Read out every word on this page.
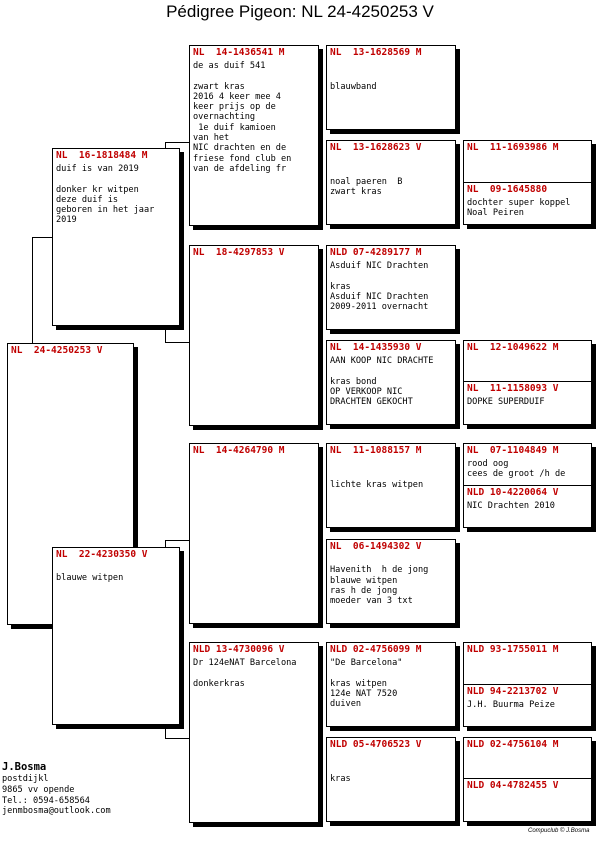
Pédigree Pigeon: NL 24-4250253 V
NL  24-4250253 V
NL  16-1818484 M
duif is van 2019

donker kr witpen
deze duif is
geboren in het jaar
2019
NL  22-4230350 V

blauwe witpen
NL  14-1436541 M
de as duif 541

zwart kras
2016 4 keer mee 4
keer prijs op de
overnachting
1e duif kamioen
van het
NIC drachten en de
friese fond club en
van de afdeling fr
NL  18-4297853 V
NL  14-4264790 M
NLD 13-4730096 V
Dr 124eNAT Barcelona

donkerkras
NL  13-1628569 M

blauwband
NL  13-1628623 V

noal paeren  B
zwart kras
NLD 07-4289177 M
Asduif NIC Drachten

kras
Asduif NIC Drachten
2009-2011 overnacht
NL  14-1435930 V
AAN KOOP NIC DRACHTE

kras bond
OP VERKOOP NIC
DRACHTEN GEKOCHT
NL  11-1088157 M

lichte kras witpen
NL  06-1494302 V

Havenith  h de jong
blauwe witpen
ras h de jong
moeder van 3 txt
NLD 02-4756099 M
"De Barcelona"

kras witpen
124e NAT 7520
duiven
NLD 05-4706523 V

kras
NL  11-1693986 M
NL  09-1645880
dochter super koppel
Noal Peiren
NL  12-1049622 M
NL  11-1158093 V
DOPKE SUPERDUIF
NL  07-1104849 M
rood oog
cees de groot /h de
NLD 10-4220064 V
NIC Drachten 2010
NLD 93-1755011 M
NLD 94-2213702 V
J.H. Buurma Peize
NLD 02-4756104 M
NLD 04-4782455 V
J.Bosma
postdijkl
9865 vv opende
Tel.: 0594-658564
jenmbosma@outlook.com
Compuclub © J.Bosma
